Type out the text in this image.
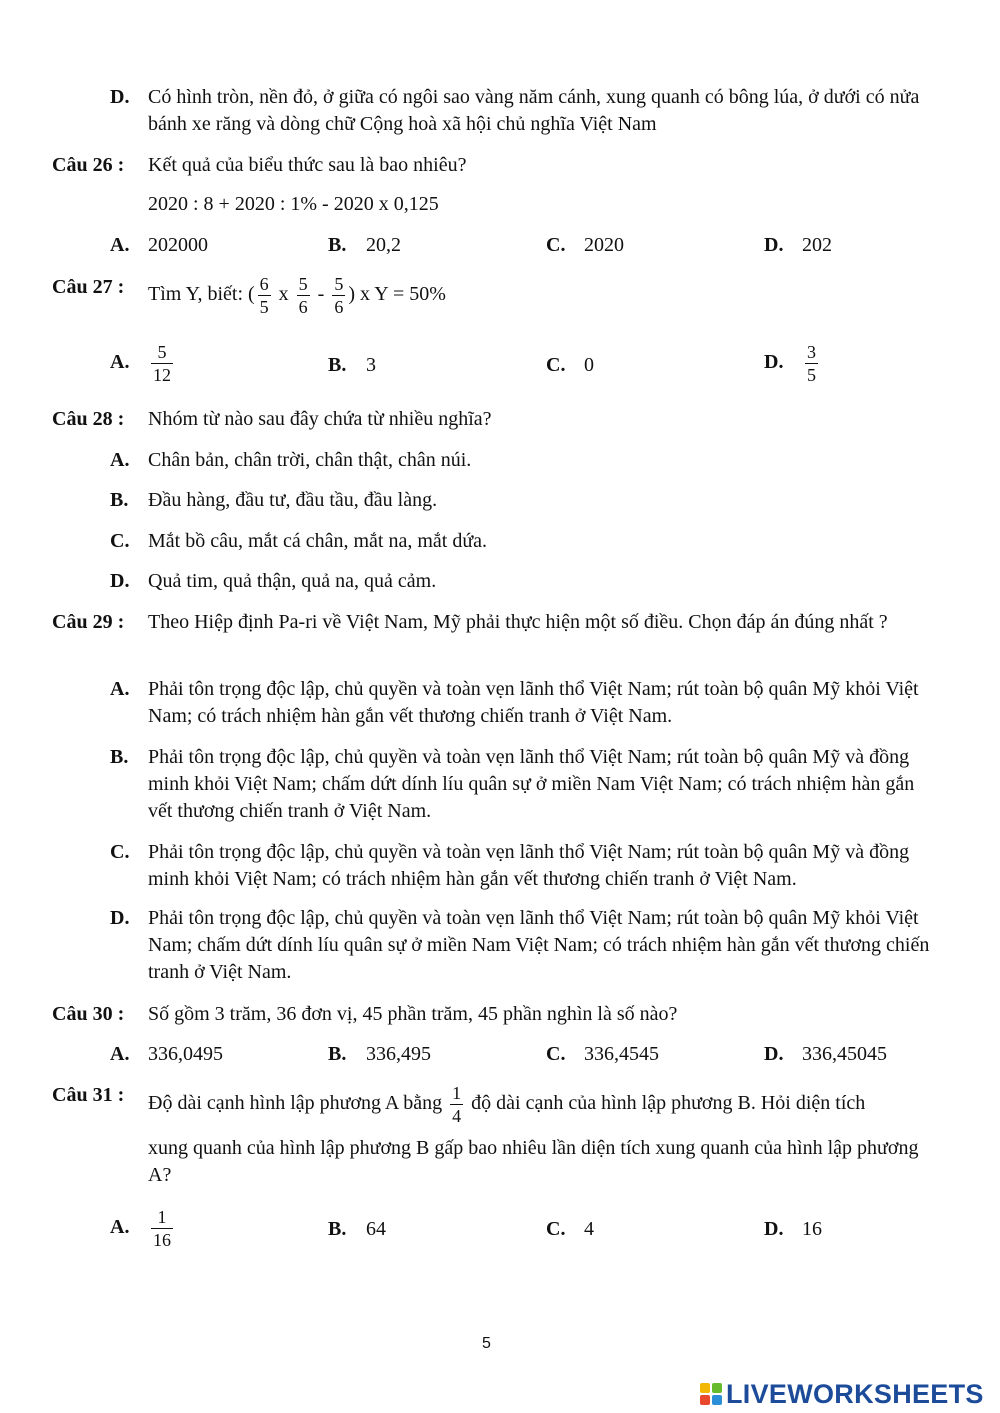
D. Có hình tròn, nền đỏ, ở giữa có ngôi sao vàng năm cánh, xung quanh có bông lúa, ở dưới có nửa bánh xe răng và dòng chữ Cộng hoà xã hội chủ nghĩa Việt Nam
Câu 26 : Kết quả của biểu thức sau là bao nhiêu?
2020 : 8 + 2020 : 1% - 2020 x 0,125
A. 202000	B. 20,2	C. 2020	D. 202
Câu 27 : Tìm Y, biết: ( $\frac{6}{5}$ x $\frac{5}{6} - \frac{5}{6}$ ) x Y = 50%
A. $\frac{5}{12}$	B. 3	C. 0	D. $\frac{3}{5}$
Câu 28 : Nhóm từ nào sau đây chứa từ nhiều nghĩa?
A. Chân bản, chân trời, chân thật, chân núi.
B. Đầu hàng, đầu tư, đầu tầu, đầu làng.
C. Mắt bồ câu, mắt cá chân, mắt na, mắt dứa.
D. Quả tim, quả thận, quả na, quả cảm.
Câu 29 : Theo Hiệp định Pa-ri về Việt Nam, Mỹ phải thực hiện một số điều. Chọn đáp án đúng nhất ?
A. Phải tôn trọng độc lập, chủ quyền và toàn vẹn lãnh thổ Việt Nam; rút toàn bộ quân Mỹ khỏi Việt Nam; có trách nhiệm hàn gắn vết thương chiến tranh ở Việt Nam.
B. Phải tôn trọng độc lập, chủ quyền và toàn vẹn lãnh thổ Việt Nam; rút toàn bộ quân Mỹ và đồng minh khỏi Việt Nam; chấm dứt dính líu quân sự ở miền Nam Việt Nam; có trách nhiệm hàn gắn vết thương chiến tranh ở Việt Nam.
C. Phải tôn trọng độc lập, chủ quyền và toàn vẹn lãnh thổ Việt Nam; rút toàn bộ quân Mỹ và đồng minh khỏi Việt Nam; có trách nhiệm hàn gắn vết thương chiến tranh ở Việt Nam.
D. Phải tôn trọng độc lập, chủ quyền và toàn vẹn lãnh thổ Việt Nam; rút toàn bộ quân Mỹ khỏi Việt Nam; chấm dứt dính líu quân sự ở miền Nam Việt Nam; có trách nhiệm hàn gắn vết thương chiến tranh ở Việt Nam.
Câu 30 : Số gồm 3 trăm, 36 đơn vị, 45 phần trăm, 45 phần nghìn là số nào?
A. 336,0495	B. 336,495	C. 336,4545	D. 336,45045
Câu 31 : Độ dài cạnh hình lập phương A bằng $\frac{1}{4}$ độ dài cạnh của hình lập phương B. Hỏi diện tích
xung quanh của hình lập phương B gấp bao nhiêu lần diện tích xung quanh của hình lập phương A?
A. $\frac{1}{16}$	B. 64	C. 4	D. 16
5
LIVEWORKSHEETS
